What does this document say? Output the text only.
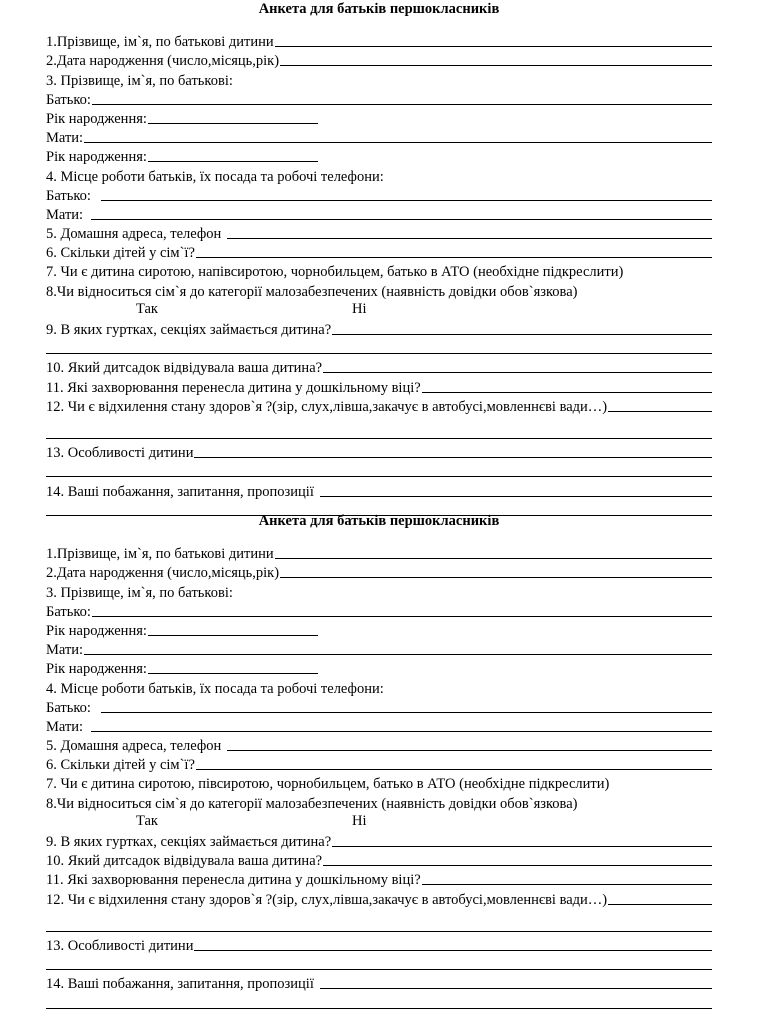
Анкета для батьків першокласників
1.Прізвище, ім`я, по батькові дитини
2.Дата народження (число,місяць,рік)
3. Прізвище, ім`я, по батькові:
Батько:
Рік народження:
Мати:
Рік народження:
4. Місце роботи батьків, їх посада та робочі телефони:
Батько:
Мати:
5. Домашня адреса, телефон
6. Скільки дітей у сім`ї?
7. Чи є дитина сиротою, напівсиротою, чорнобильцем, батько в АТО (необхідне підкреслити)
8.Чи відноситься сім`я до категорії малозабезпечених (наявність довідки обов`язкова)
Так	Ні
9. В яких гуртках, секціях займається дитина?
10. Який дитсадок відвідувала ваша дитина?
11. Які захворювання перенесла дитина у дошкільному віці?
12. Чи є відхилення стану здоров`я ?(зір, слух,лівша,закачує в автобусі,мовленнєві вади…)
13. Особливості дитини
14. Ваші побажання, запитання, пропозиції
Анкета для батьків першокласників
1.Прізвище, ім`я, по батькові дитини
2.Дата народження (число,місяць,рік)
3. Прізвище, ім`я, по батькові:
Батько:
Рік народження:
Мати:
Рік народження:
4. Місце роботи батьків, їх посада та робочі телефони:
Батько:
Мати:
5. Домашня адреса, телефон
6. Скільки дітей у сім`ї?
7. Чи є дитина сиротою, півсиротою, чорнобильцем, батько в АТО (необхідне підкреслити)
8.Чи відноситься сім`я до категорії малозабезпечених (наявність довідки обов`язкова)
Так	Ні
9. В яких гуртках, секціях займається дитина?
10. Який дитсадок відвідувала ваша дитина?
11. Які захворювання перенесла дитина у дошкільному віці?
12. Чи є відхилення стану здоров`я ?(зір, слух,лівша,закачує в автобусі,мовленнєві вади…)
13. Особливості дитини
14. Ваші побажання, запитання, пропозиції
